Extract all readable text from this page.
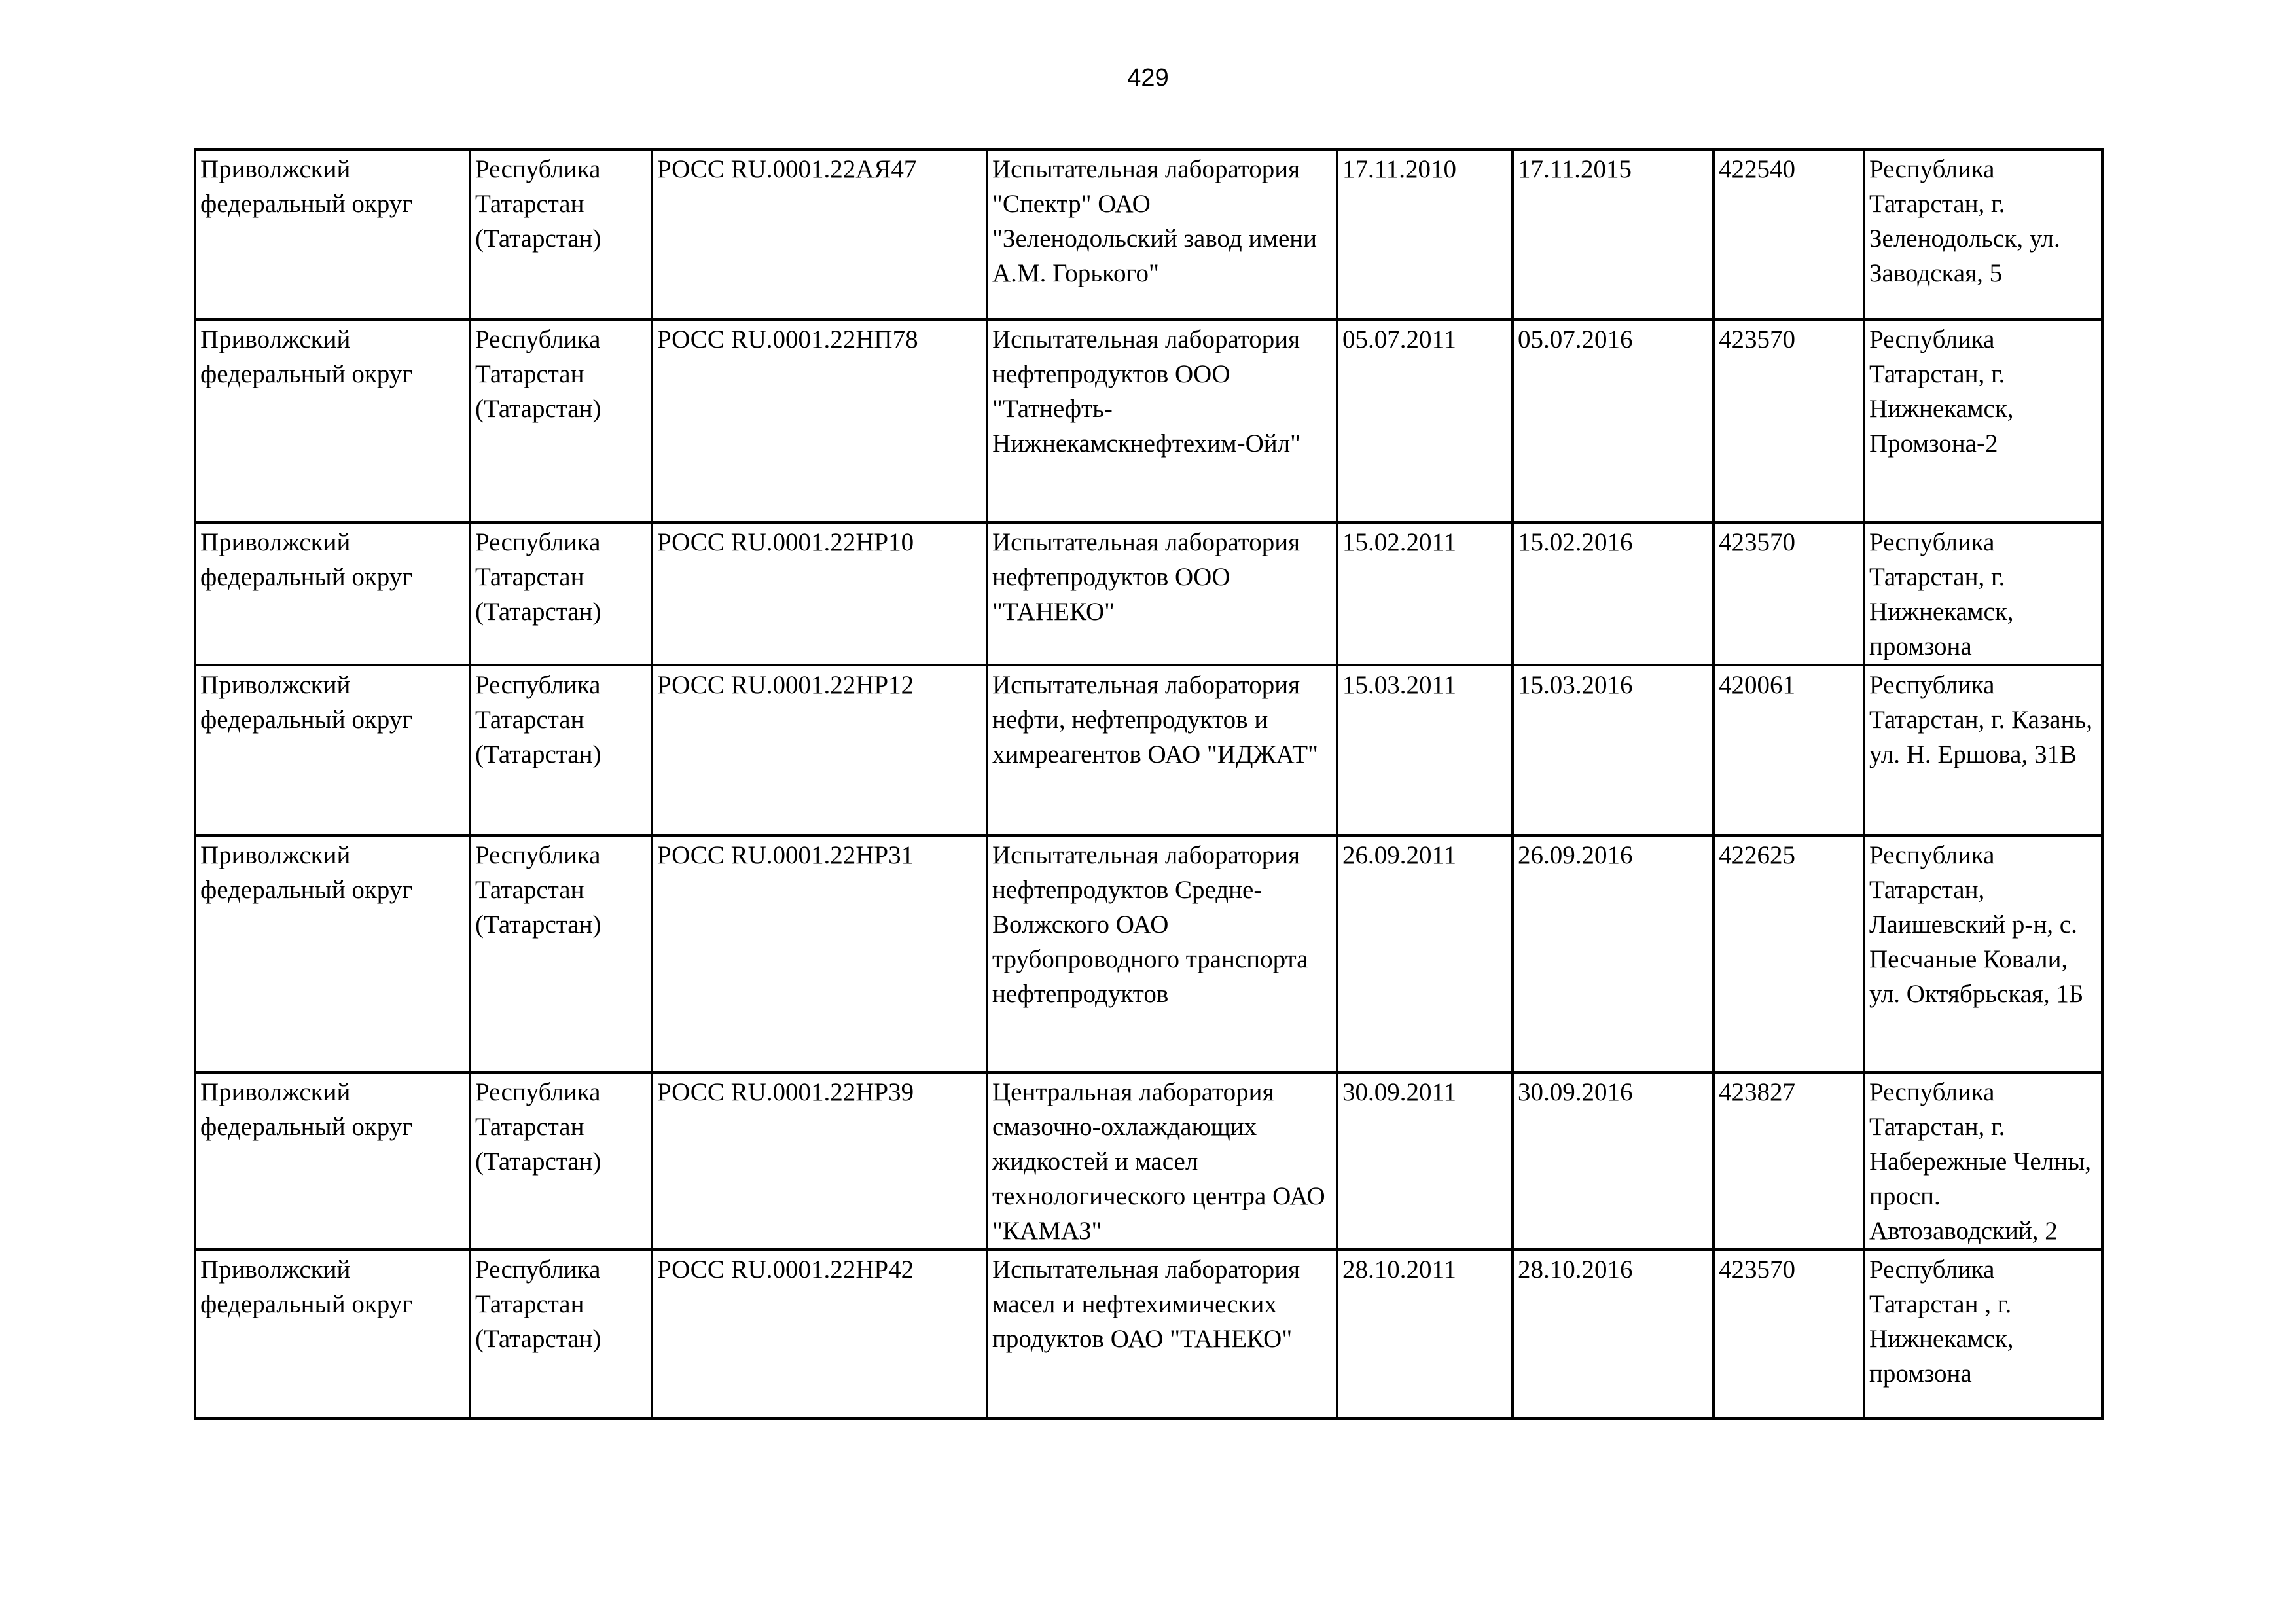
429
Приволжский федеральный округ	Республика Татарстан (Татарстан)	РОСС RU.0001.22АЯ47	Испытательная лаборатория "Спектр" ОАО "Зеленодольский завод имени А.М. Горького"	17.11.2010	17.11.2015	422540	Республика Татарстан, г. Зеленодольск, ул. Заводская, 5
Приволжский федеральный округ	Республика Татарстан (Татарстан)	РОСС RU.0001.22НП78	Испытательная лаборатория нефтепродуктов ООО "Татнефть-Нижнекамскнефтехим-Ойл"	05.07.2011	05.07.2016	423570	Республика Татарстан, г. Нижнекамск, Промзона-2
Приволжский федеральный округ	Республика Татарстан (Татарстан)	РОСС RU.0001.22НР10	Испытательная лаборатория нефтепродуктов ООО "ТАНЕКО"	15.02.2011	15.02.2016	423570	Республика Татарстан, г. Нижнекамск, промзона
Приволжский федеральный округ	Республика Татарстан (Татарстан)	РОСС RU.0001.22НР12	Испытательная лаборатория нефти, нефтепродуктов и химреагентов ОАО "ИДЖАТ"	15.03.2011	15.03.2016	420061	Республика Татарстан, г. Казань, ул. Н. Ершова, 31В
Приволжский федеральный округ	Республика Татарстан (Татарстан)	РОСС RU.0001.22НР31	Испытательная лаборатория нефтепродуктов Средне-Волжского ОАО трубопроводного транспорта нефтепродуктов	26.09.2011	26.09.2016	422625	Республика Татарстан, Лаишевский р-н, с. Песчаные Ковали, ул. Октябрьская, 1Б
Приволжский федеральный округ	Республика Татарстан (Татарстан)	РОСС RU.0001.22НР39	Центральная лаборатория смазочно-охлаждающих жидкостей и масел технологического центра ОАО "КАМАЗ"	30.09.2011	30.09.2016	423827	Республика Татарстан, г. Набережные Челны, просп. Автозаводский, 2
Приволжский федеральный округ	Республика Татарстан (Татарстан)	РОСС RU.0001.22НР42	Испытательная лаборатория масел и нефтехимических продуктов ОАО "ТАНЕКО"	28.10.2011	28.10.2016	423570	Республика Татарстан , г. Нижнекамск, промзона
